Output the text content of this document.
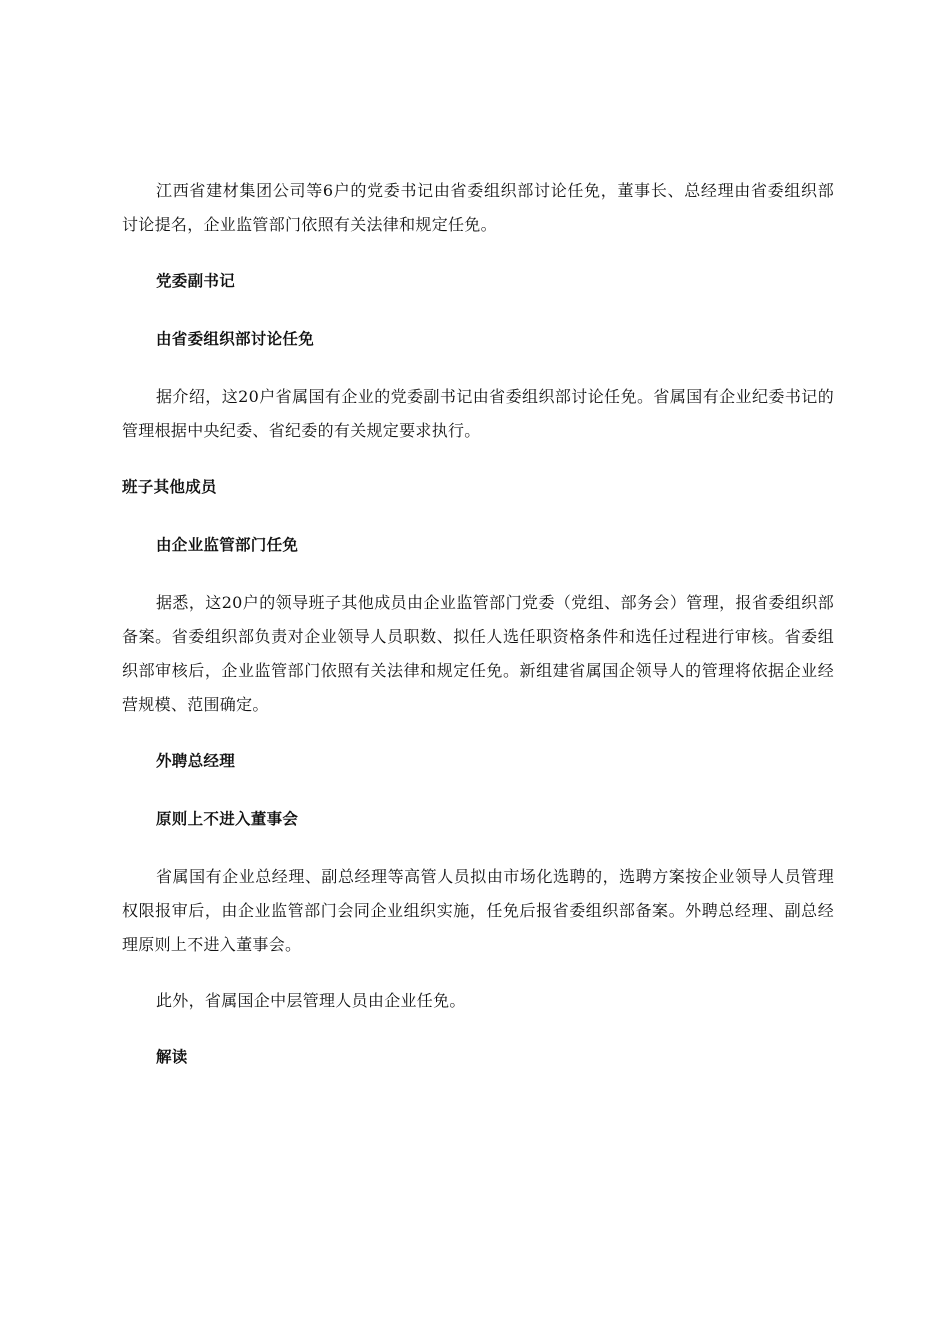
江西省建材集团公司等6户的党委书记由省委组织部讨论任免，董事长、总经理由省委组织部讨论提名，企业监管部门依照有关法律和规定任免。

党委副书记
由省委组织部讨论任免

据介绍，这20户省属国有企业的党委副书记由省委组织部讨论任免。省属国有企业纪委书记的管理根据中央纪委、省纪委的有关规定要求执行。

班子其他成员
由企业监管部门任免

据悉，这20户的领导班子其他成员由企业监管部门党委（党组、部务会）管理，报省委组织部备案。省委组织部负责对企业领导人员职数、拟任人选任职资格条件和选任过程进行审核。省委组织部审核后，企业监管部门依照有关法律和规定任免。新组建省属国企领导人的管理将依据企业经营规模、范围确定。

外聘总经理
原则上不进入董事会

省属国有企业总经理、副总经理等高管人员拟由市场化选聘的，选聘方案按企业领导人员管理权限报审后，由企业监管部门会同企业组织实施，任免后报省委组织部备案。外聘总经理、副总经理原则上不进入董事会。

此外，省属国企中层管理人员由企业任免。

解读
